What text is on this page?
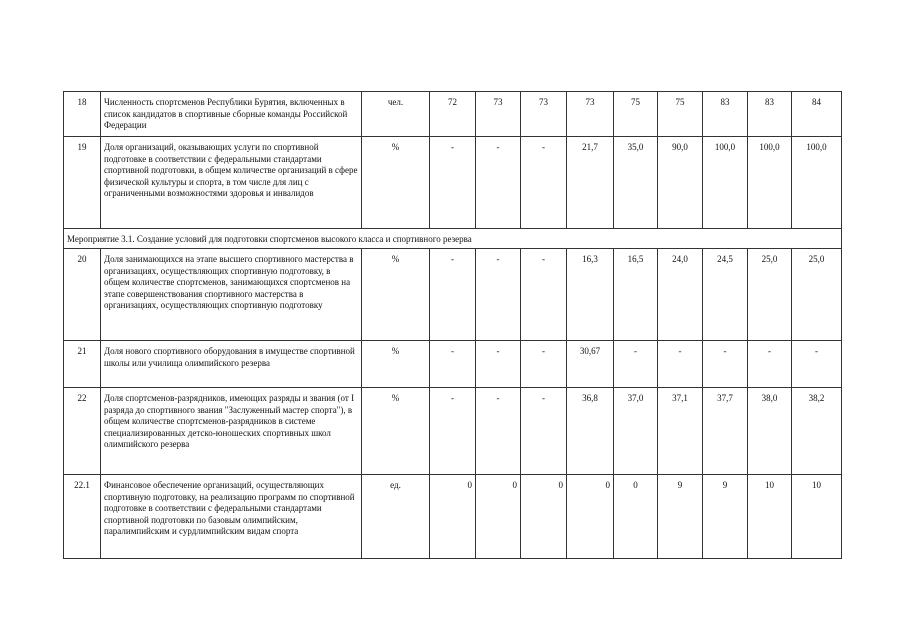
18	Численность спортсменов Республики Бурятия, включенных в список кандидатов в спортивные сборные команды Российской Федерации	чел.	72	73	73	73	75	75	83	83	84
19	Доля организаций, оказывающих услуги по спортивной подготовке в соответствии с федеральными стандартами спортивной подготовки, в общем количестве организаций в сфере физической культуры и спорта, в том числе для лиц с ограниченными возможностями здоровья и инвалидов	%	-	-	-	21,7	35,0	90,0	100,0	100,0	100,0
Мероприятие 3.1. Создание условий для подготовки спортсменов высокого класса и спортивного резерва											
20	Доля занимающихся на этапе высшего спортивного мастерства в организациях, осуществляющих спортивную подготовку, в общем количестве спортсменов, занимающихся спортсменов на этапе совершенствования спортивного мастерства в организациях, осуществляющих спортивную подготовку	%	-	-	-	16,3	16,5	24,0	24,5	25,0	25,0
21	Доля нового спортивного оборудования в имуществе спортивной школы или училища олимпийского резерва	%	-	-	-	30,67	-	-	-	-	-
22	Доля спортсменов-разрядников, имеющих разряды и звания (от I разряда до спортивного звания "Заслуженный мастер спорта"), в общем количестве спортсменов-разрядников в системе специализированных детско-юношеских спортивных школ олимпийского резерва	%	-	-	-	36,8	37,0	37,1	37,7	38,0	38,2
22.1	Финансовое обеспечение организаций, осуществляющих спортивную подготовку, на реализацию программ по спортивной подготовке в соответствии с федеральными стандартами спортивной подготовки по базовым олимпийским, паралимпийским и сурдлимпийским видам спорта	ед.	0	0	0	0	0	9	9	10	10
